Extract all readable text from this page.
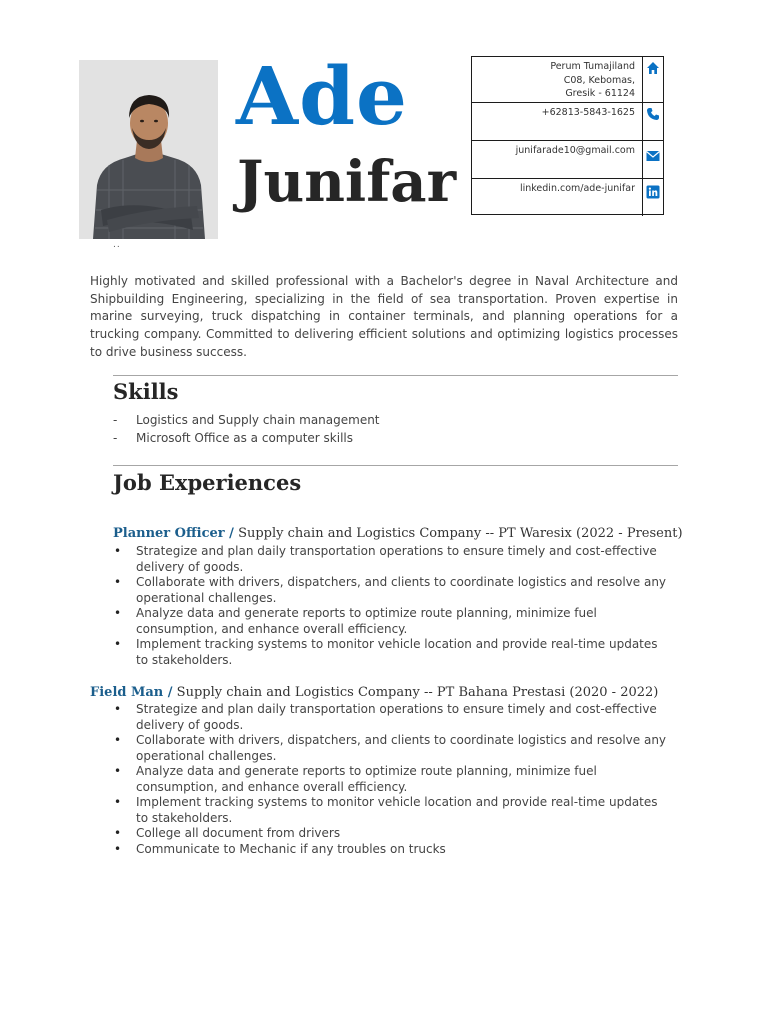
..
Ade
Junifar
Perum Tumajiland
C08, Kebomas,
Gresik - 61124
+62813-5843-1625
junifarade10@gmail.com
linkedin.com/ade-junifar
Highly motivated and skilled professional with a Bachelor's degree in Naval Architecture and Shipbuilding Engineering, specializing in the field of sea transportation. Proven expertise in marine surveying, truck dispatching in container terminals, and planning operations for a trucking company. Committed to delivering efficient solutions and optimizing logistics processes to drive business success.
Skills
- Logistics and Supply chain management
- Microsoft Office as a computer skills
Job Experiences
Planner Officer / Supply chain and Logistics Company -- PT Waresix (2022 - Present)
• Strategize and plan daily transportation operations to ensure timely and cost-effective delivery of goods.
• Collaborate with drivers, dispatchers, and clients to coordinate logistics and resolve any operational challenges.
• Analyze data and generate reports to optimize route planning, minimize fuel consumption, and enhance overall efficiency.
• Implement tracking systems to monitor vehicle location and provide real-time updates to stakeholders.
Field Man / Supply chain and Logistics Company -- PT Bahana Prestasi (2020 - 2022)
• Strategize and plan daily transportation operations to ensure timely and cost-effective delivery of goods.
• Collaborate with drivers, dispatchers, and clients to coordinate logistics and resolve any operational challenges.
• Analyze data and generate reports to optimize route planning, minimize fuel consumption, and enhance overall efficiency.
• Implement tracking systems to monitor vehicle location and provide real-time updates to stakeholders.
• College all document from drivers
• Communicate to Mechanic if any troubles on trucks
